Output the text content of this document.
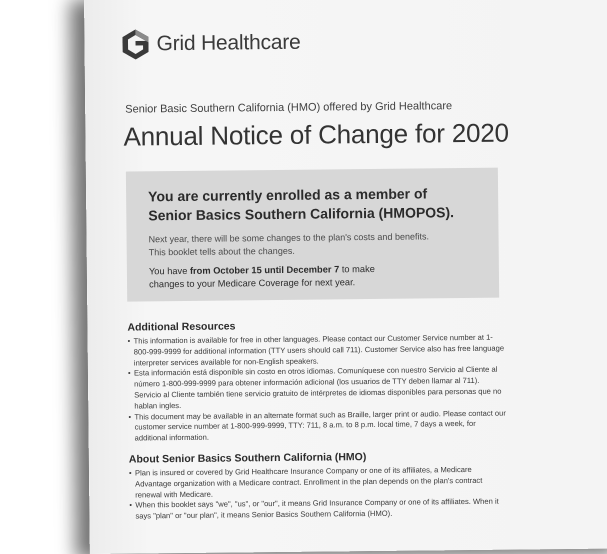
Grid Healthcare
Senior Basic Southern California (HMO) offered by Grid Healthcare
Annual Notice of Change for 2020
You are currently enrolled as a member of
Senior Basics Southern California (HMOPOS).

Next year, there will be some changes to the plan's costs and benefits.
This booklet tells about the changes.

You have from October 15 until December 7 to make
changes to your Medicare Coverage for next year.

Additional Resources
• This information is available for free in other languages. Please contact our Customer Service number at 1-800-999-9999 for additional information (TTY users should call 711). Customer Service also has free language interpreter services available for non-English speakers.
• Esta información está disponible sin costo en otros idiomas. Comuníquese con nuestro Servicio al Cliente al número 1-800-999-9999 para obtener información adicional (los usuarios de TTY deben llamar al 711). Servicio al Cliente también tiene servicio gratuito de intérpretes de idiomas disponibles para personas que no hablan ingles.
• This document may be available in an alternate format such as Braille, larger print or audio. Please contact our customer service number at 1-800-999-9999, TTY: 711, 8 a.m. to 8 p.m. local time, 7 days a week, for additional information.
About Senior Basics Southern California (HMO)
• Plan is insured or covered by Grid Healthcare Insurance Company or one of its affiliates, a Medicare Advantage organization with a Medicare contract. Enrollment in the plan depends on the plan's contract renewal with Medicare.
• When this booklet says "we", "us", or "our", it means Grid Insurance Company or one of its affiliates. When it says "plan" or "our plan", it means Senior Basics Southern California (HMO).
